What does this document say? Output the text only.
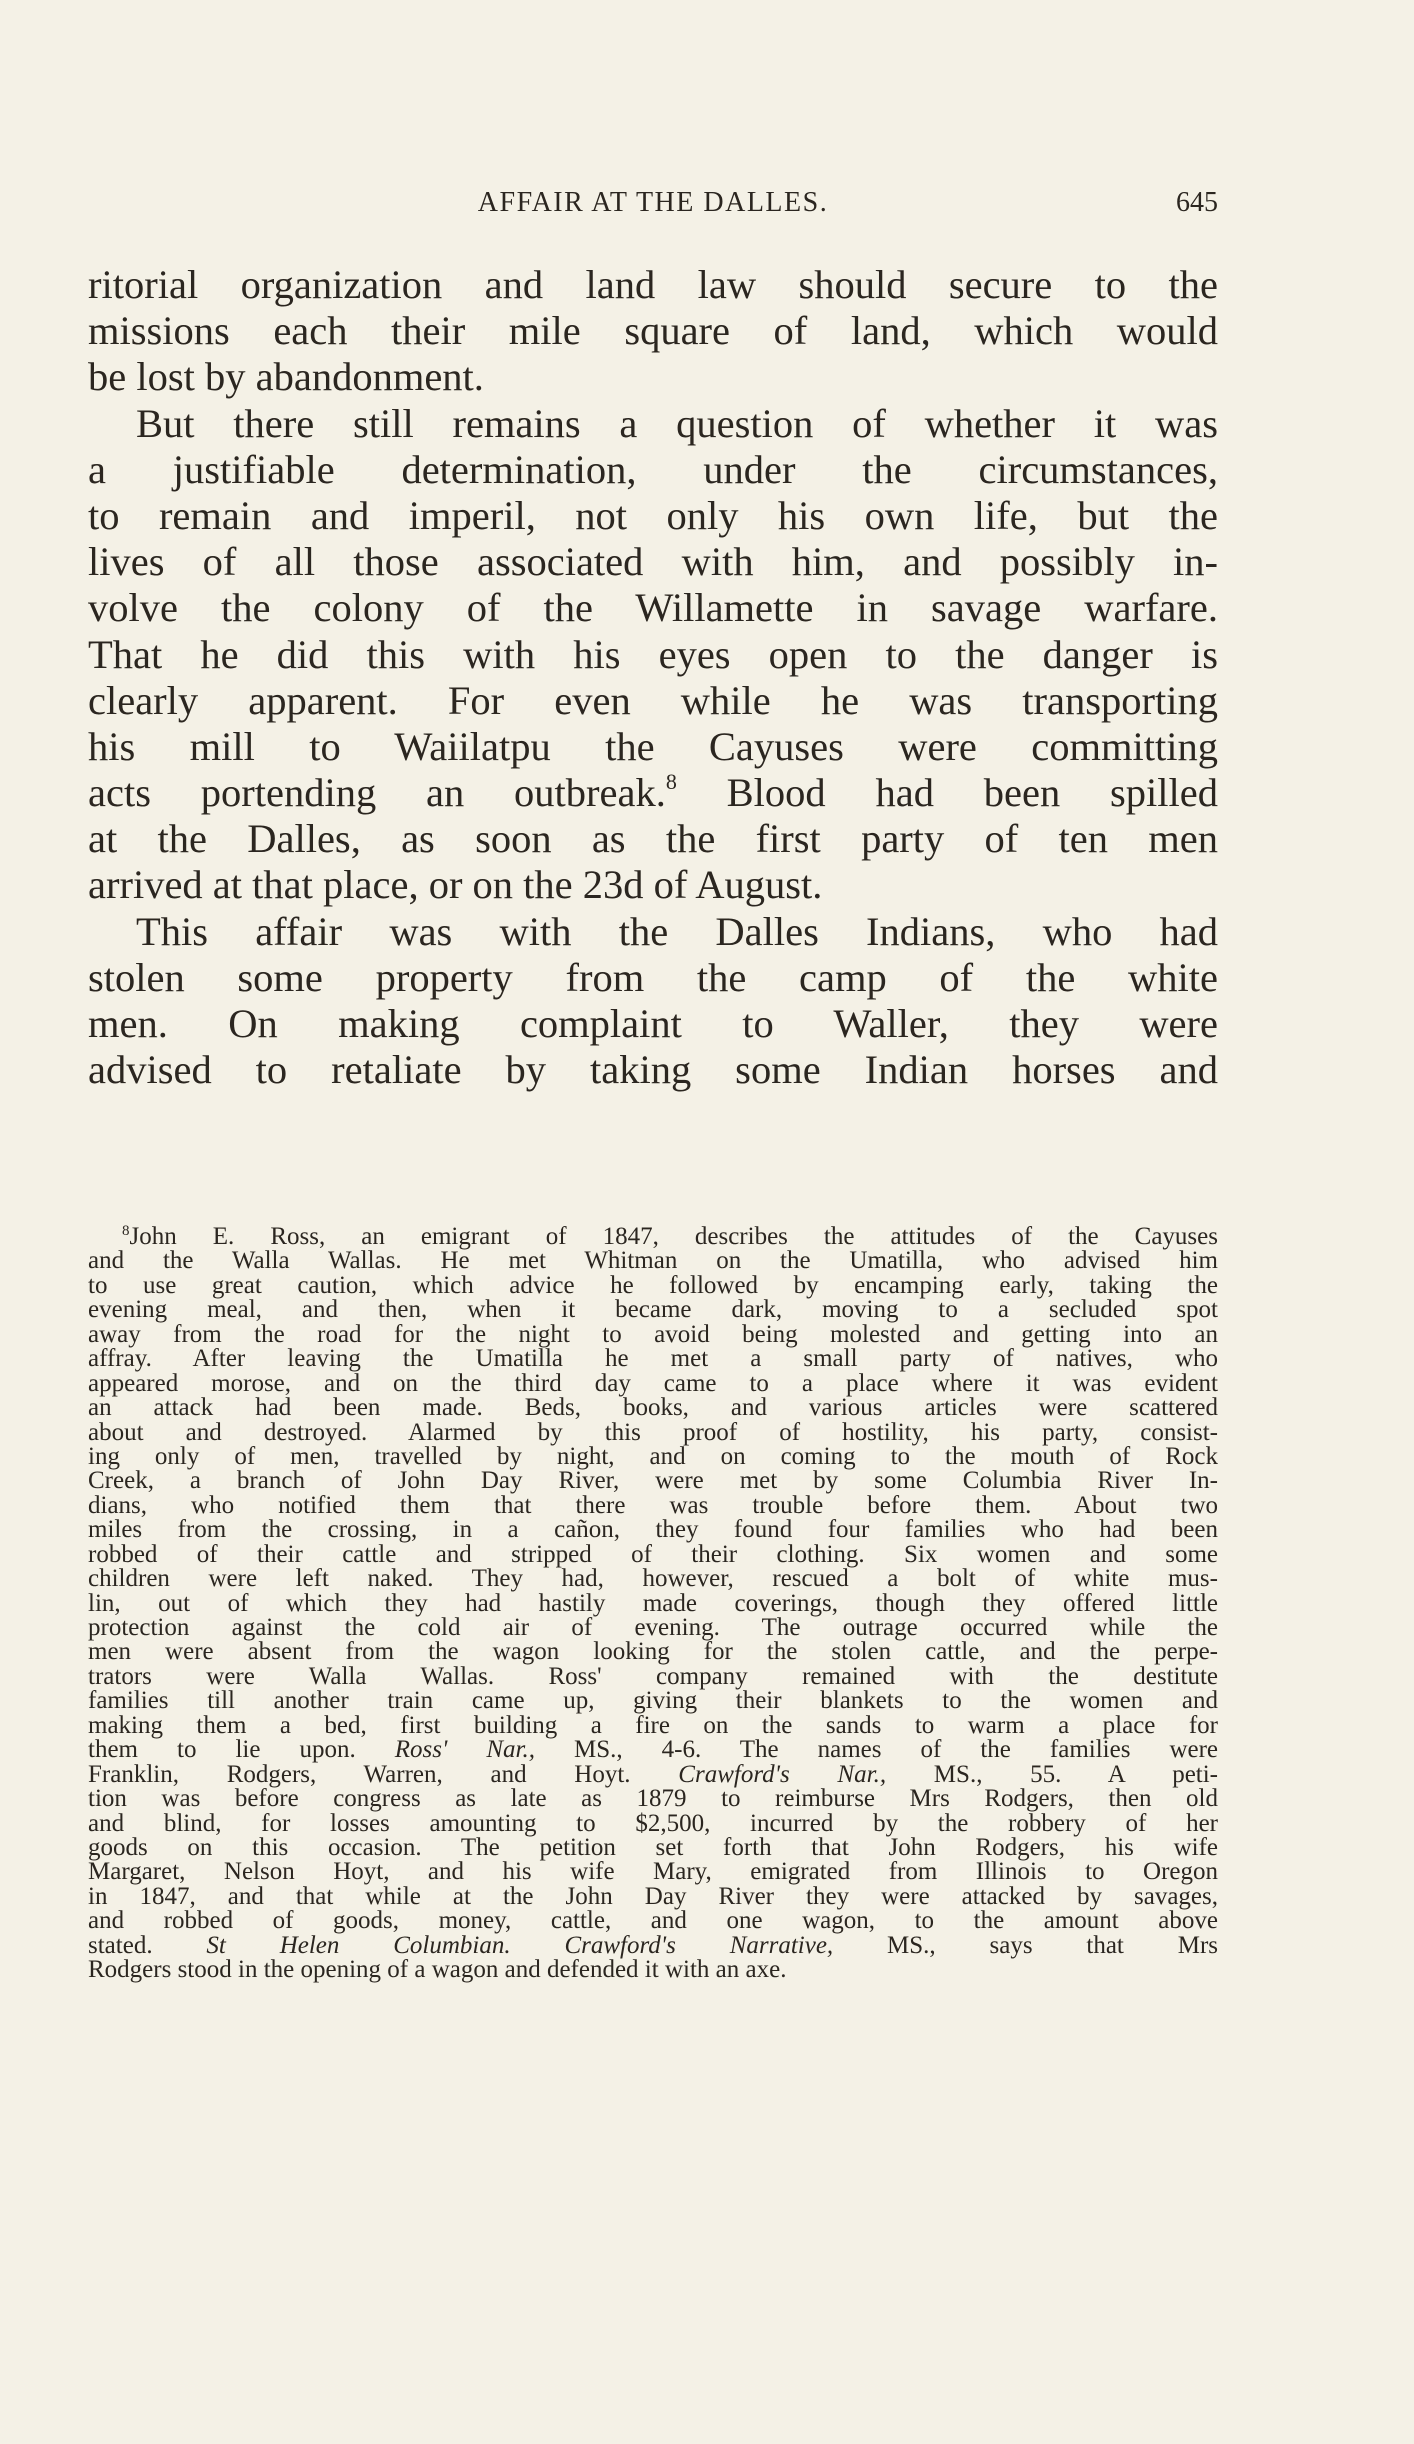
AFFAIR AT THE DALLES.	645
ritorial organization and land law should secure to the
missions each their mile square of land, which would
be lost by abandonment.
But there still remains a question of whether it was
a justifiable determination, under the circumstances,
to remain and imperil, not only his own life, but the
lives of all those associated with him, and possibly in-
volve the colony of the Willamette in savage warfare.
That he did this with his eyes open to the danger is
clearly apparent. For even while he was transporting
his mill to Waiilatpu the Cayuses were committing
acts portending an outbreak.$^8$ Blood had been spilled
at the Dalles, as soon as the first party of ten men
arrived at that place, or on the 23d of August.
This affair was with the Dalles Indians, who had
stolen some property from the camp of the white
men. On making complaint to Waller, they were
advised to retaliate by taking some Indian horses and
$^8$John E. Ross, an emigrant of 1847, describes the attitudes of the Cayuses
and the Walla Wallas. He met Whitman on the Umatilla, who advised him
to use great caution, which advice he followed by encamping early, taking the
evening meal, and then, when it became dark, moving to a secluded spot
away from the road for the night to avoid being molested and getting into an
affray. After leaving the Umatilla he met a small party of natives, who
appeared morose, and on the third day came to a place where it was evident
an attack had been made. Beds, books, and various articles were scattered
about and destroyed. Alarmed by this proof of hostility, his party, consist-
ing only of men, travelled by night, and on coming to the mouth of Rock
Creek, a branch of John Day River, were met by some Columbia River In-
dians, who notified them that there was trouble before them. About two
miles from the crossing, in a cañon, they found four families who had been
robbed of their cattle and stripped of their clothing. Six women and some
children were left naked. They had, however, rescued a bolt of white mus-
lin, out of which they had hastily made coverings, though they offered little
protection against the cold air of evening. The outrage occurred while the
men were absent from the wagon looking for the stolen cattle, and the perpe-
trators were Walla Wallas. Ross' company remained with the destitute
families till another train came up, giving their blankets to the women and
making them a bed, first building a fire on the sands to warm a place for
them to lie upon. Ross' Nar., MS., 4-6. The names of the families were
Franklin, Rodgers, Warren, and Hoyt. Crawford's Nar., MS., 55. A peti-
tion was before congress as late as 1879 to reimburse Mrs Rodgers, then old
and blind, for losses amounting to $2,500, incurred by the robbery of her
goods on this occasion. The petition set forth that John Rodgers, his wife
Margaret, Nelson Hoyt, and his wife Mary, emigrated from Illinois to Oregon
in 1847, and that while at the John Day River they were attacked by savages,
and robbed of goods, money, cattle, and one wagon, to the amount above
stated. St Helen Columbian. Crawford's Narrative, MS., says that Mrs
Rodgers stood in the opening of a wagon and defended it with an axe.
